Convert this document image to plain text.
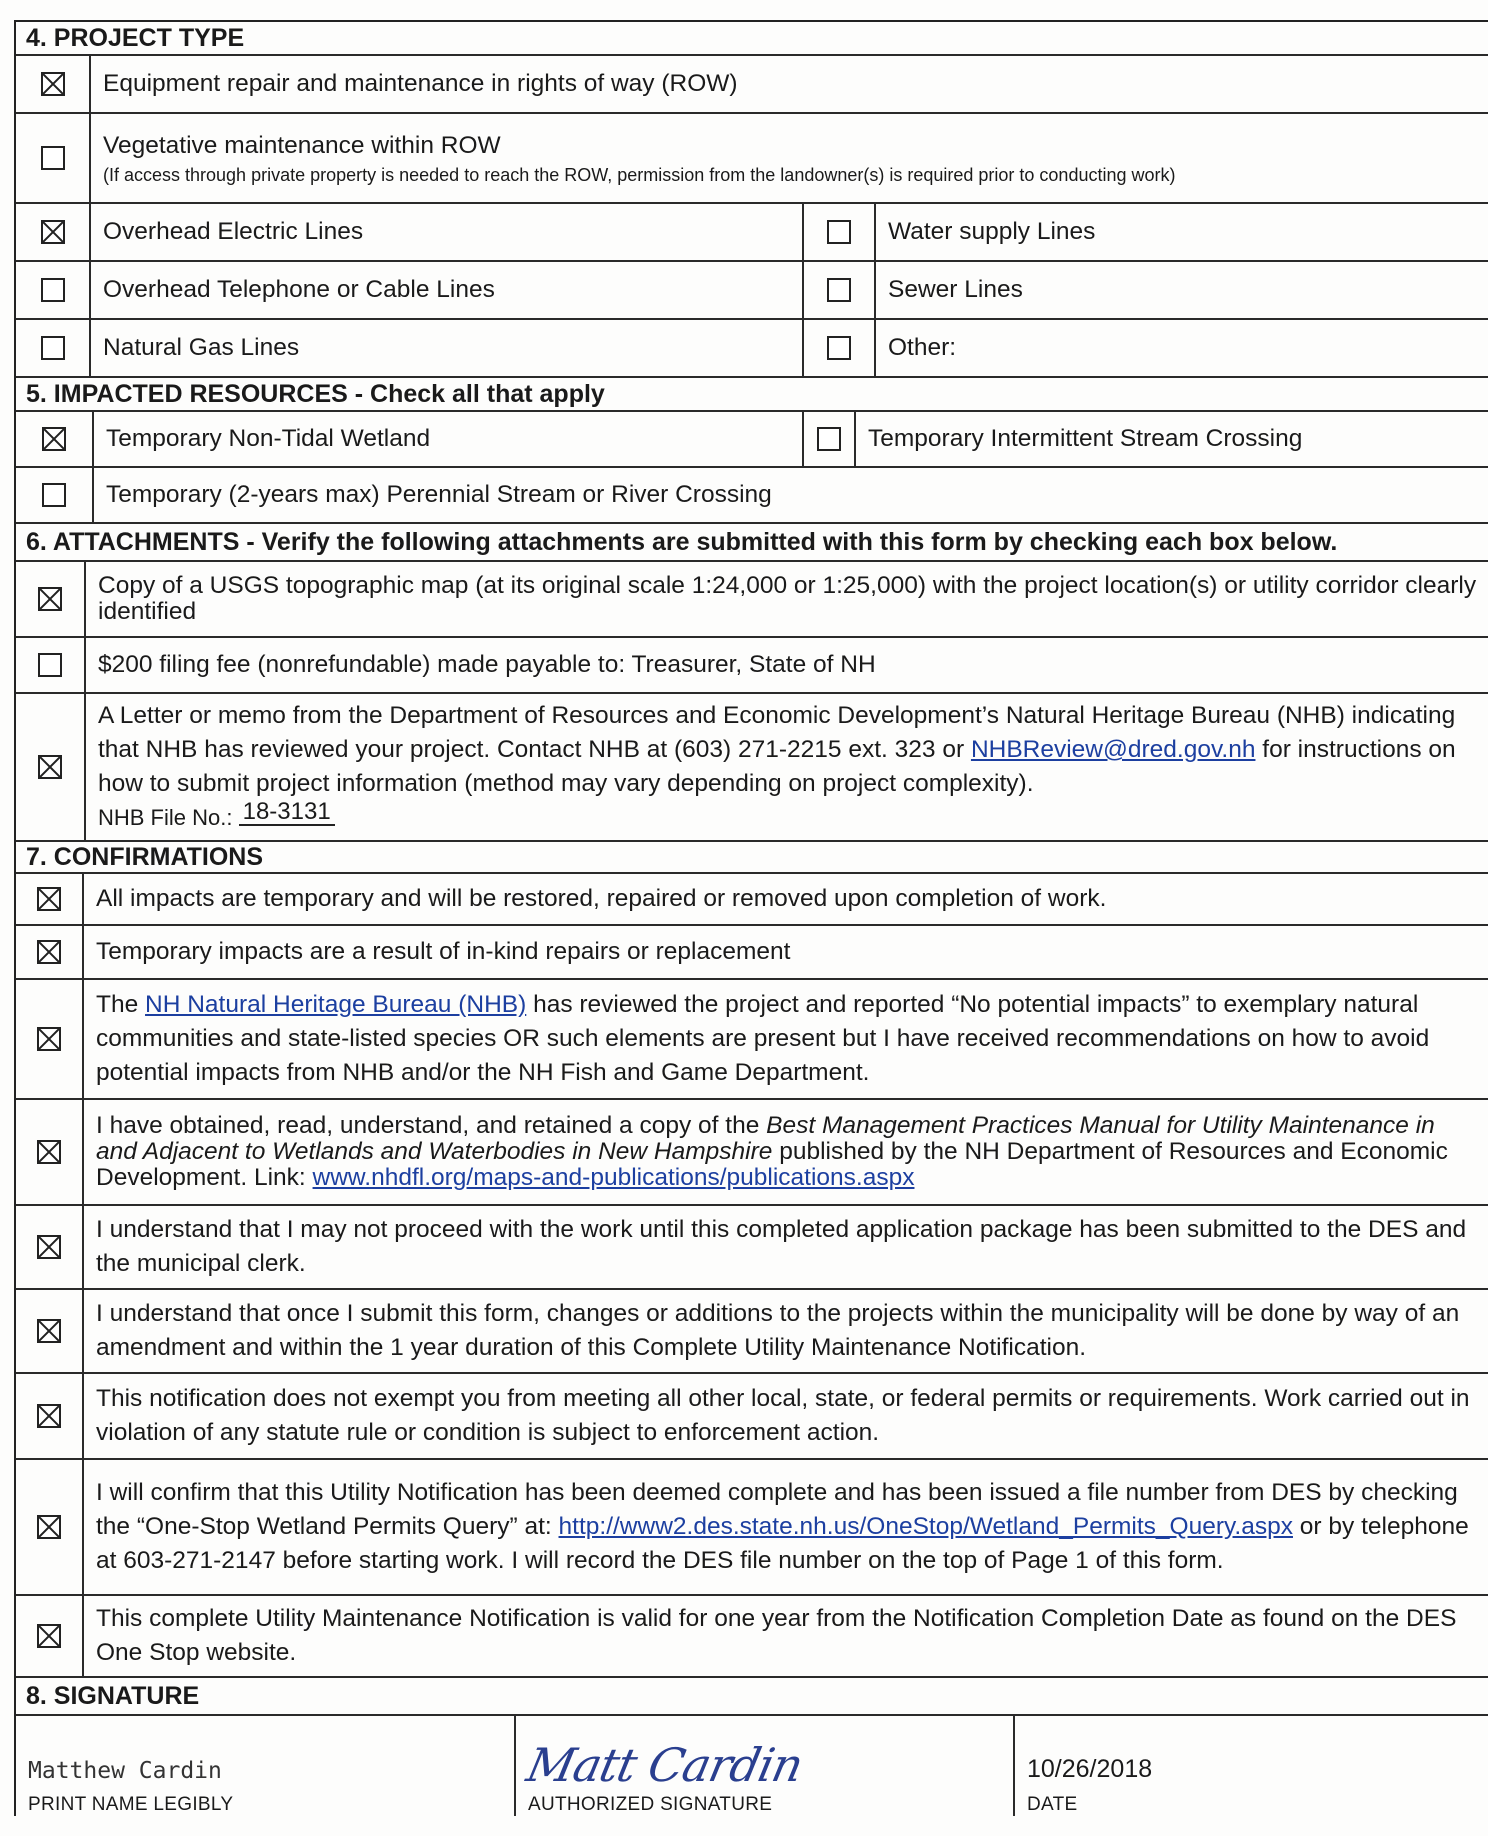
4. PROJECT TYPE
Equipment repair and maintenance in rights of way (ROW)
Vegetative maintenance within ROW
(If access through private property is needed to reach the ROW, permission from the landowner(s) is required prior to conducting work)
Overhead Electric Lines	Water supply Lines
Overhead Telephone or Cable Lines	Sewer Lines
Natural Gas Lines	Other:
5. IMPACTED RESOURCES - Check all that apply
Temporary Non-Tidal Wetland	Temporary Intermittent Stream Crossing
Temporary (2-years max) Perennial Stream or River Crossing
6. ATTACHMENTS - Verify the following attachments are submitted with this form by checking each box below.
Copy of a USGS topographic map (at its original scale 1:24,000 or 1:25,000) with the project location(s) or utility corridor clearly identified
$200 filing fee (nonrefundable) made payable to: Treasurer, State of NH
A Letter or memo from the Department of Resources and Economic Development’s Natural Heritage Bureau (NHB) indicating that NHB has reviewed your project. Contact NHB at (603) 271-2215 ext. 323 or NHBReview@dred.gov.nh for instructions on how to submit project information (method may vary depending on project complexity).
NHB File No.: 18-3131
7. CONFIRMATIONS
All impacts are temporary and will be restored, repaired or removed upon completion of work.
Temporary impacts are a result of in-kind repairs or replacement
The NH Natural Heritage Bureau (NHB) has reviewed the project and reported “No potential impacts” to exemplary natural communities and state-listed species OR such elements are present but I have received recommendations on how to avoid potential impacts from NHB and/or the NH Fish and Game Department.
I have obtained, read, understand, and retained a copy of the Best Management Practices Manual for Utility Maintenance in and Adjacent to Wetlands and Waterbodies in New Hampshire published by the NH Department of Resources and Economic Development. Link: www.nhdfl.org/maps-and-publications/publications.aspx
I understand that I may not proceed with the work until this completed application package has been submitted to the DES and the municipal clerk.
I understand that once I submit this form, changes or additions to the projects within the municipality will be done by way of an amendment and within the 1 year duration of this Complete Utility Maintenance Notification.
This notification does not exempt you from meeting all other local, state, or federal permits or requirements. Work carried out in violation of any statute rule or condition is subject to enforcement action.
I will confirm that this Utility Notification has been deemed complete and has been issued a file number from DES by checking the “One-Stop Wetland Permits Query” at: http://www2.des.state.nh.us/OneStop/Wetland_Permits_Query.aspx or by telephone at 603-271-2147 before starting work. I will record the DES file number on the top of Page 1 of this form.
This complete Utility Maintenance Notification is valid for one year from the Notification Completion Date as found on the DES One Stop website.
8. SIGNATURE
Matthew Cardin
PRINT NAME LEGIBLY
Matt Cardin
AUTHORIZED SIGNATURE
10/26/2018
DATE
